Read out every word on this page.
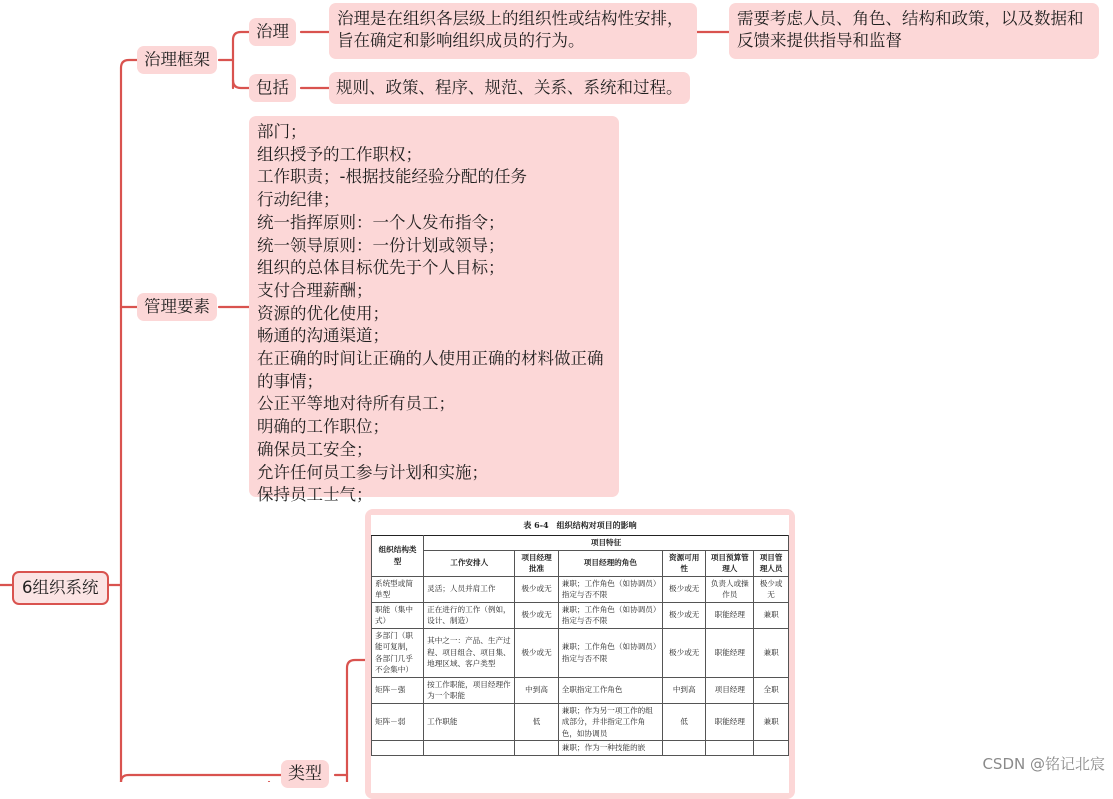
6组织系统
治理框架
治理
治理是在组织各层级上的组织性或结构性安排，旨在确定和影响组织成员的行为。
需要考虑人员、角色、结构和政策，以及数据和反馈来提供指导和监督
包括	规则、政策、程序、规范、关系、系统和过程。
管理要素
部门；
组织授予的工作职权；
工作职责；-根据技能经验分配的任务
行动纪律；
统一指挥原则：一个人发布指令；
统一领导原则：一份计划或领导；
组织的总体目标优先于个人目标；
支付合理薪酬；
资源的优化使用；
畅通的沟通渠道；
在正确的时间让正确的人使用正确的材料做正确
的事情；
公正平等地对待所有员工；
明确的工作职位；
确保员工安全；
允许任何员工参与计划和实施；
保持员工士气；
类型
表 6-4　组织结构对项目的影响
组织结构类型	项目特征					
	工作安排人	项目经理批准	项目经理的角色	资源可用性	项目预算管理人	项目管理人员
系统型或简单型	灵活；人员并肩工作	极少或无	兼职；工作角色（如协调员）指定与否不限	极少或无	负责人或操作员	极少或无
职能（集中式）	正在进行的工作（例如，设计、制造）	极少或无	兼职；工作角色（如协调员）指定与否不限	极少或无	职能经理	兼职
多部门（职能可复制，各部门几乎不会集中）	其中之一：产品、生产过程、项目组合、项目集、地理区域、客户类型	极少或无	兼职；工作角色（如协调员）指定与否不限	极少或无	职能经理	兼职
矩阵－强	按工作职能，项目经理作为一个职能	中到高	全职指定工作角色	中到高	项目经理	全职
矩阵－弱	工作职能	低	兼职；作为另一项工作的组成部分，并非指定工作角色，如协调员	低	职能经理	兼职
			兼职；作为一种技能的嵌			
CSDN @铭记北宸
